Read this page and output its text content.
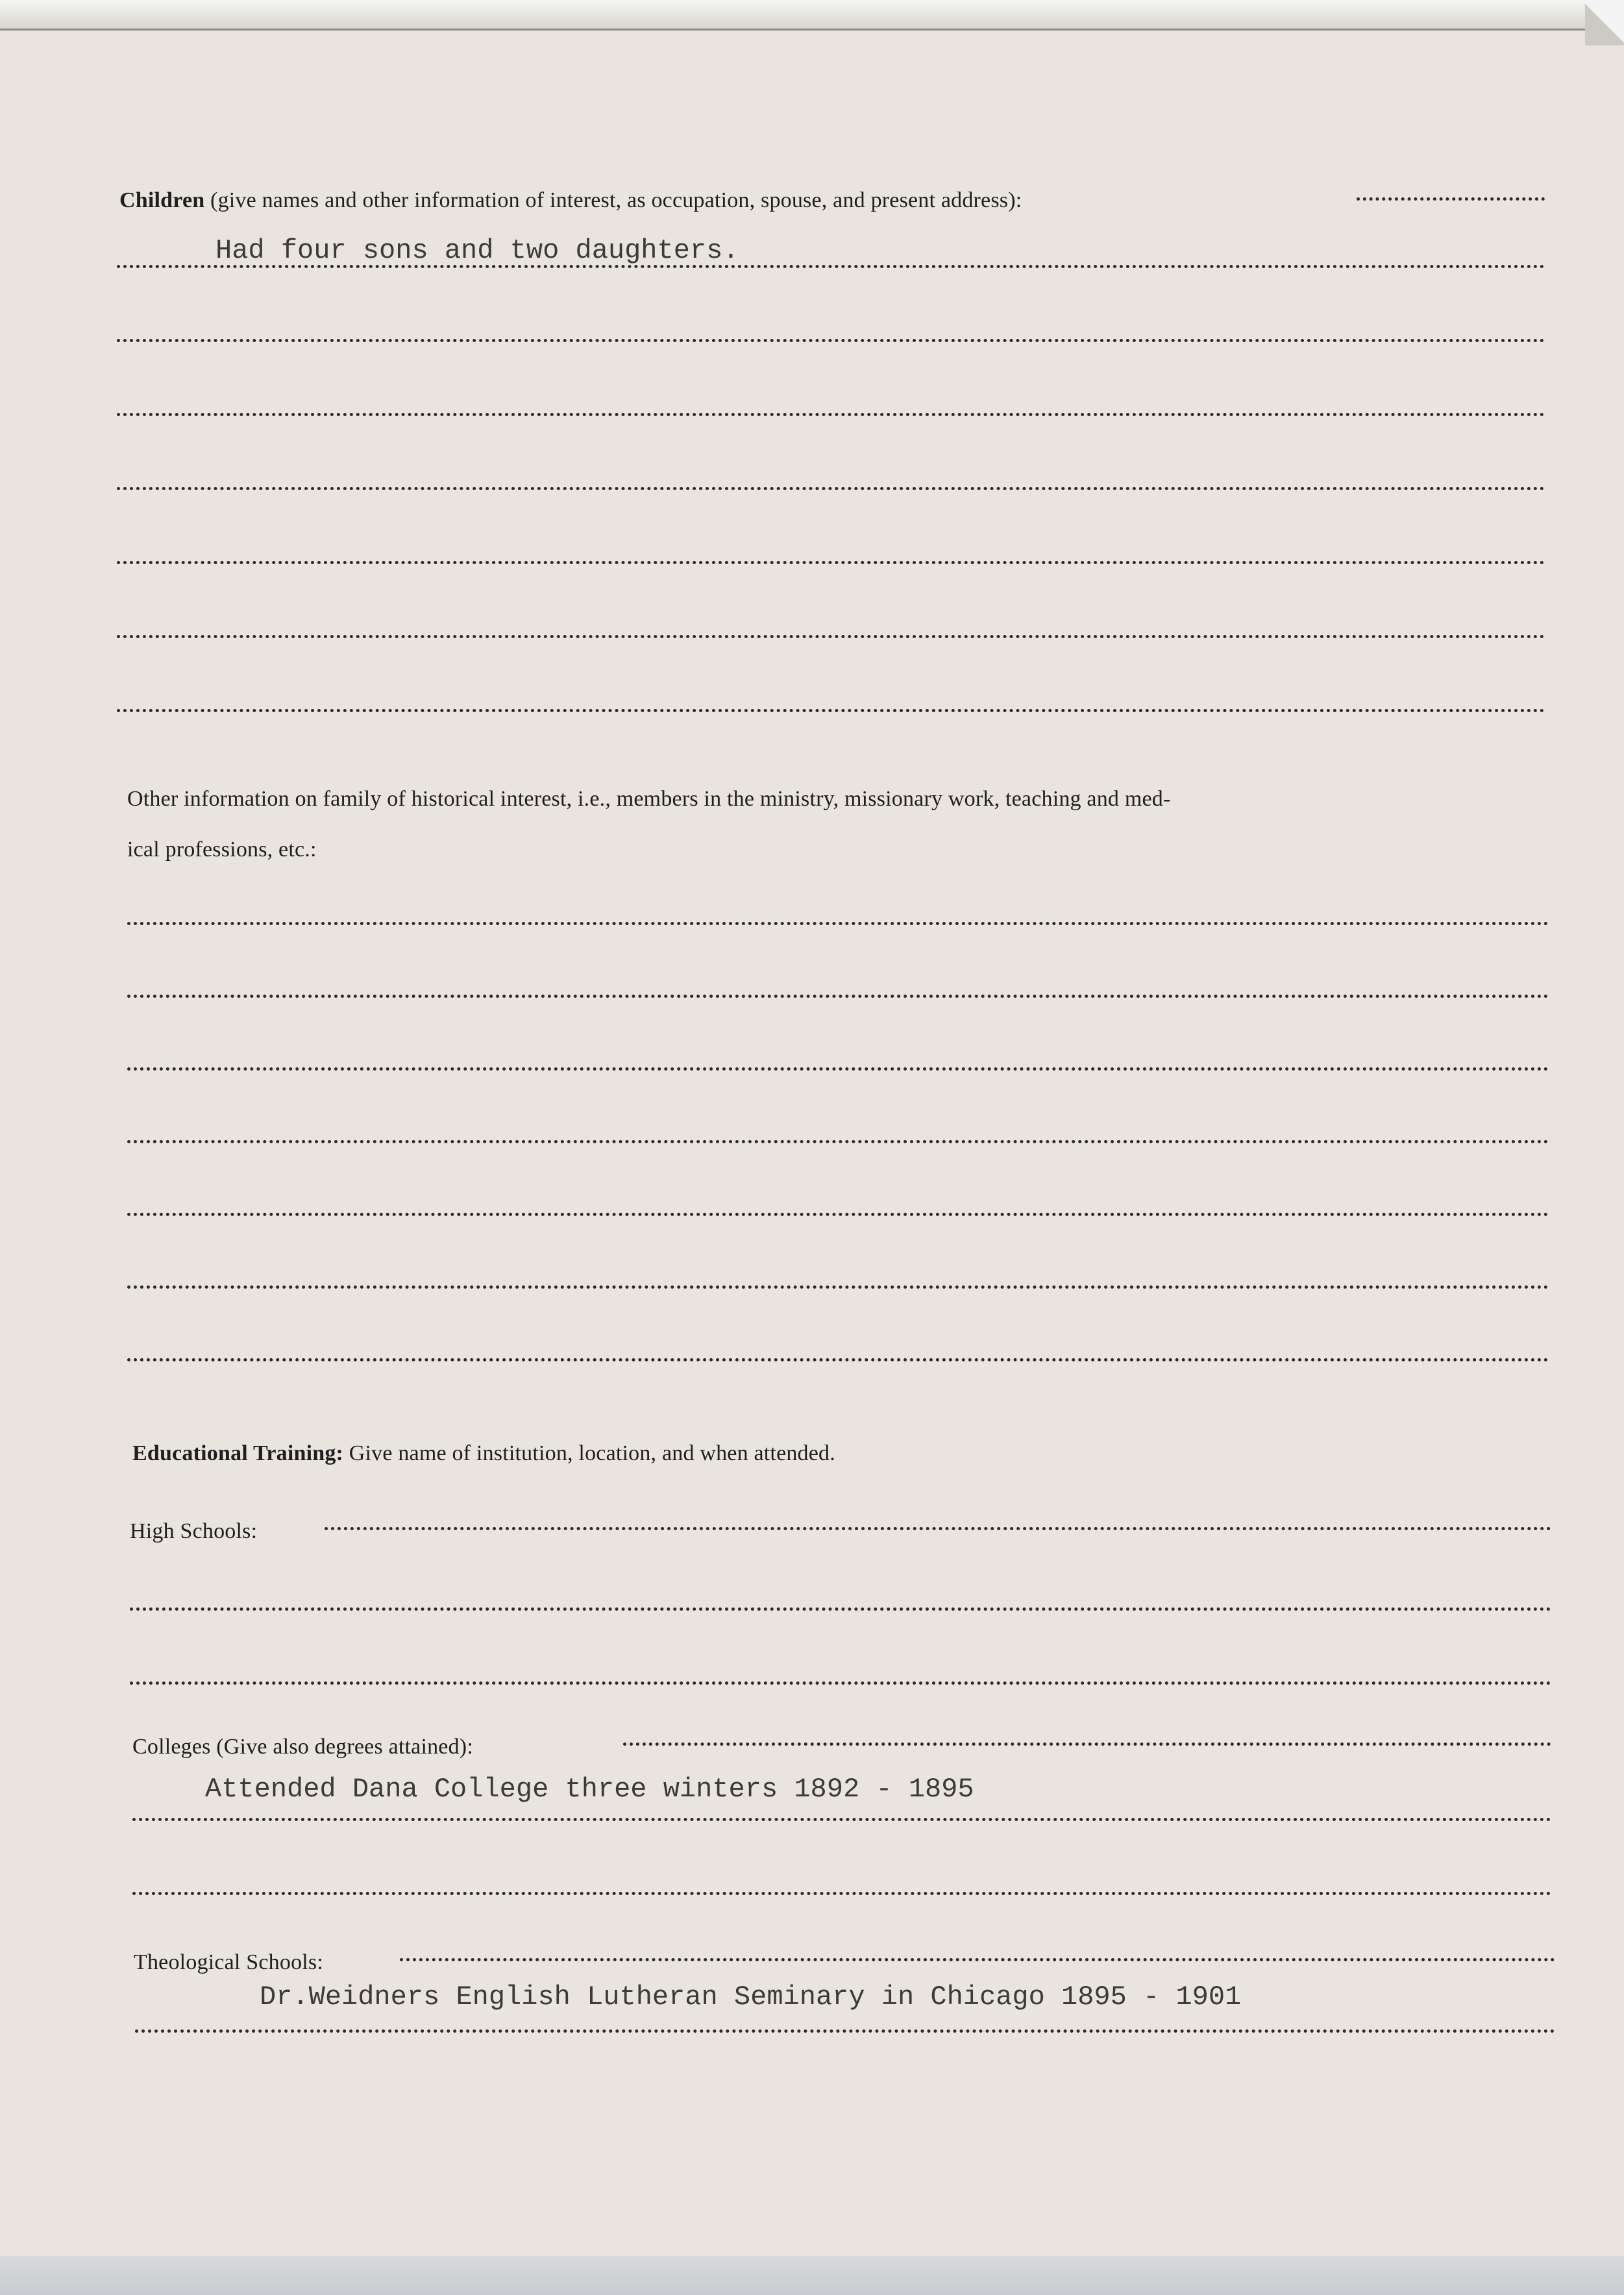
Children (give names and other information of interest, as occupation, spouse, and present address):
Had four sons and two daughters.
Other information on family of historical interest, i.e., members in the ministry, missionary work, teaching and med-
ical professions, etc.:
Educational Training: Give name of institution, location, and when attended.
High Schools:
Colleges (Give also degrees attained):
Attended Dana College three winters 1892 - 1895
Theological Schools:
Dr.Weidners English Lutheran Seminary in Chicago 1895 - 1901
